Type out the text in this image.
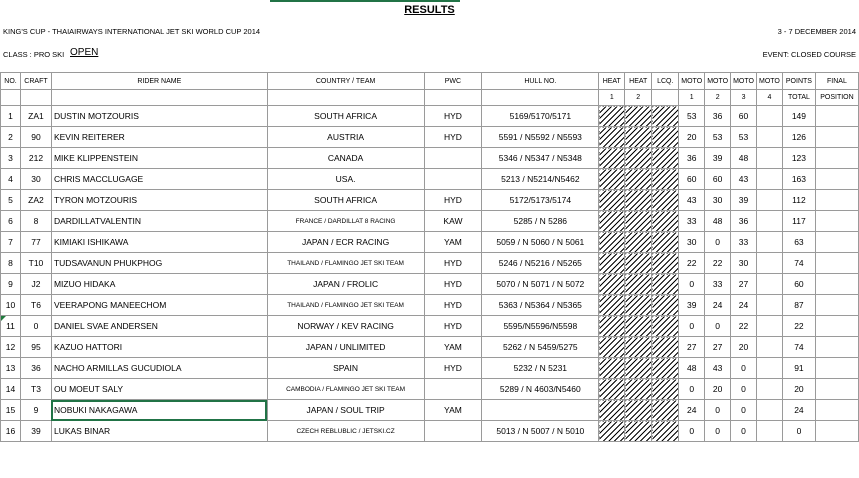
RESULTS
KING'S CUP - THAIAIRWAYS INTERNATIONAL JET SKI WORLD CUP 2014	3 - 7 DECEMBER 2014
CLASS : PRO SKI OPEN	EVENT: CLOSED COURSE
NO.	CRAFT	RIDER NAME	COUNTRY / TEAM	PWC	HULL NO.	HEAT	HEAT	LCQ.	MOTO	MOTO	MOTO	MOTO	POINTS	FINAL
						1	2		1	2	3	4	TOTAL	POSITION
1	ZA1	DUSTIN MOTZOURIS	SOUTH AFRICA	HYD	5169/5170/5171				53	36	60		149	
2	90	KEVIN REITERER	AUSTRIA	HYD	5591 / N5592 / N5593				20	53	53		126	
3	212	MIKE KLIPPENSTEIN	CANADA		5346 / N5347 / N5348				36	39	48		123	
4	30	CHRIS MACCLUGAGE	USA.		5213 / N5214/N5462				60	60	43		163	
5	ZA2	TYRON MOTZOURIS	SOUTH AFRICA	HYD	5172/5173/5174				43	30	39		112	
6	8	DARDILLATVALENTIN	FRANCE / DARDILLAT 8 RACING	KAW	5285 / N 5286				33	48	36		117	
7	77	KIMIAKI ISHIKAWA	JAPAN / ECR RACING	YAM	5059 / N 5060 / N 5061				30	0	33		63	
8	T10	TUDSAVANUN PHUKPHOG	THAILAND / FLAMINGO JET SKI TEAM	HYD	5246 / N5216 / N5265				22	22	30		74	
9	J2	MIZUO HIDAKA	JAPAN / FROLIC	HYD	5070 / N 5071 / N 5072				0	33	27		60	
10	T6	VEERAPONG MANEECHOM	THAILAND / FLAMINGO JET SKI TEAM	HYD	5363 / N5364 / N5365				39	24	24		87	
11	0	DANIEL SVAE ANDERSEN	NORWAY / KEV RACING	HYD	5595/N5596/N5598				0	0	22		22	
12	95	KAZUO HATTORI	JAPAN / UNLIMITED	YAM	5262 / N 5459/5275				27	27	20		74	
13	36	NACHO ARMILLAS GUCUDIOLA	SPAIN	HYD	5232 / N 5231				48	43	0		91	
14	T3	OU MOEUT SALY	CAMBODIA / FLAMINGO JET SKI TEAM		5289 / N 4603/N5460				0	20	0		20	
15	9	NOBUKI NAKAGAWA	JAPAN / SOUL TRIP	YAM					24	0	0		24	
16	39	LUKAS BINAR	CZECH REBLUBLIC / JETSKI.CZ		5013 / N 5007 / N 5010				0	0	0		0	
